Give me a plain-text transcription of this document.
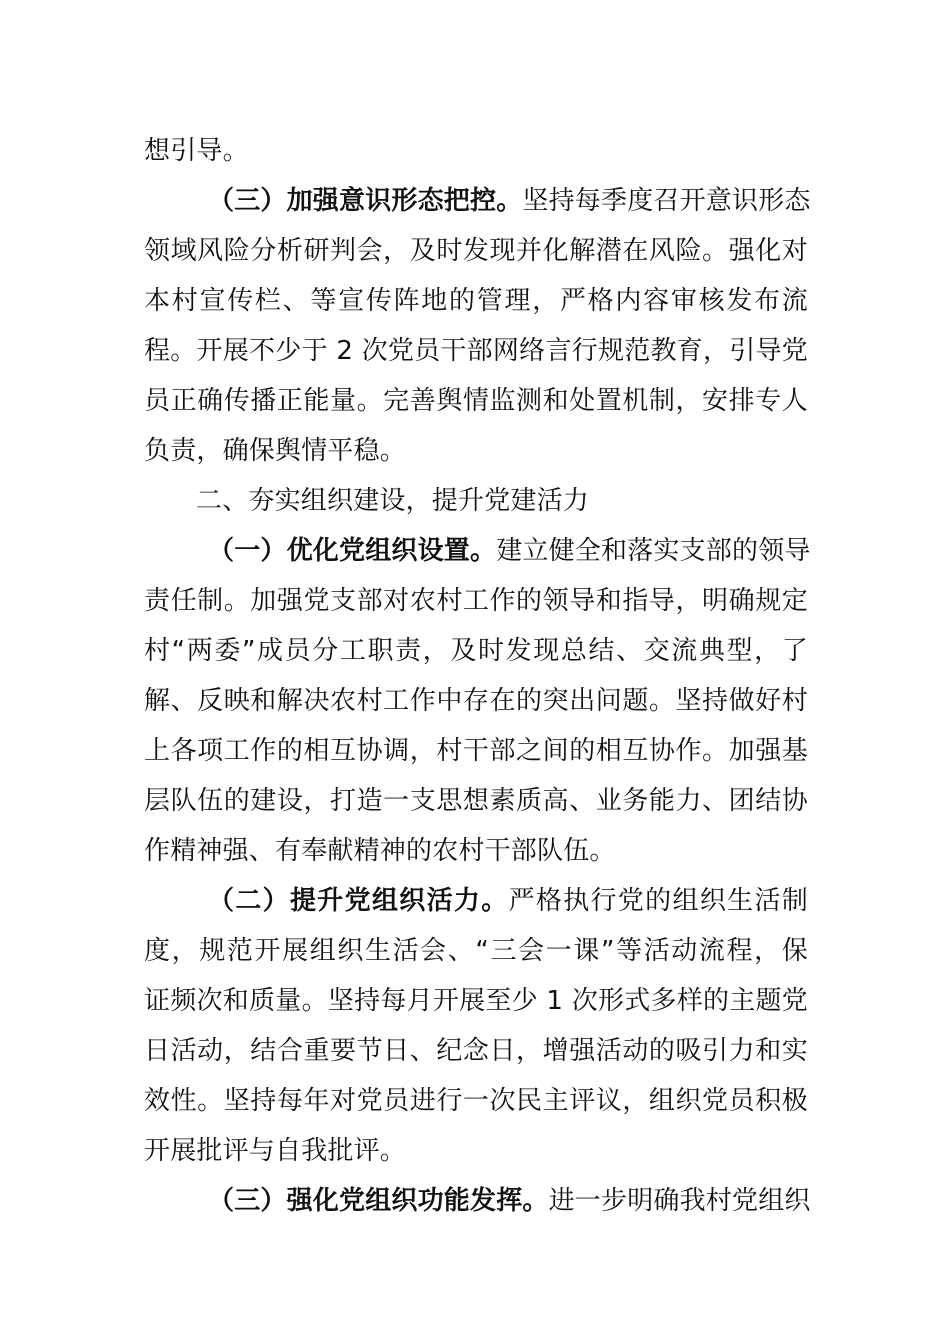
想引导。

（三）加强意识形态把控。坚持每季度召开意识形态
领域风险分析研判会，及时发现并化解潜在风险。强化对
本村宣传栏、等宣传阵地的管理，严格内容审核发布流
程。开展不少于 2 次党员干部网络言行规范教育，引导党
员正确传播正能量。完善舆情监测和处置机制，安排专人
负责，确保舆情平稳。

二、夯实组织建设，提升党建活力

（一）优化党组织设置。建立健全和落实支部的领导
责任制。加强党支部对农村工作的领导和指导，明确规定
村“两委”成员分工职责，及时发现总结、交流典型，了
解、反映和解决农村工作中存在的突出问题。坚持做好村
上各项工作的相互协调，村干部之间的相互协作。加强基
层队伍的建设，打造一支思想素质高、业务能力、团结协
作精神强、有奉献精神的农村干部队伍。

（二）提升党组织活力。严格执行党的组织生活制
度，规范开展组织生活会、“三会一课”等活动流程，保
证频次和质量。坚持每月开展至少 1 次形式多样的主题党
日活动，结合重要节日、纪念日，增强活动的吸引力和实
效性。坚持每年对党员进行一次民主评议，组织党员积极
开展批评与自我批评。

（三）强化党组织功能发挥。进一步明确我村党组织
